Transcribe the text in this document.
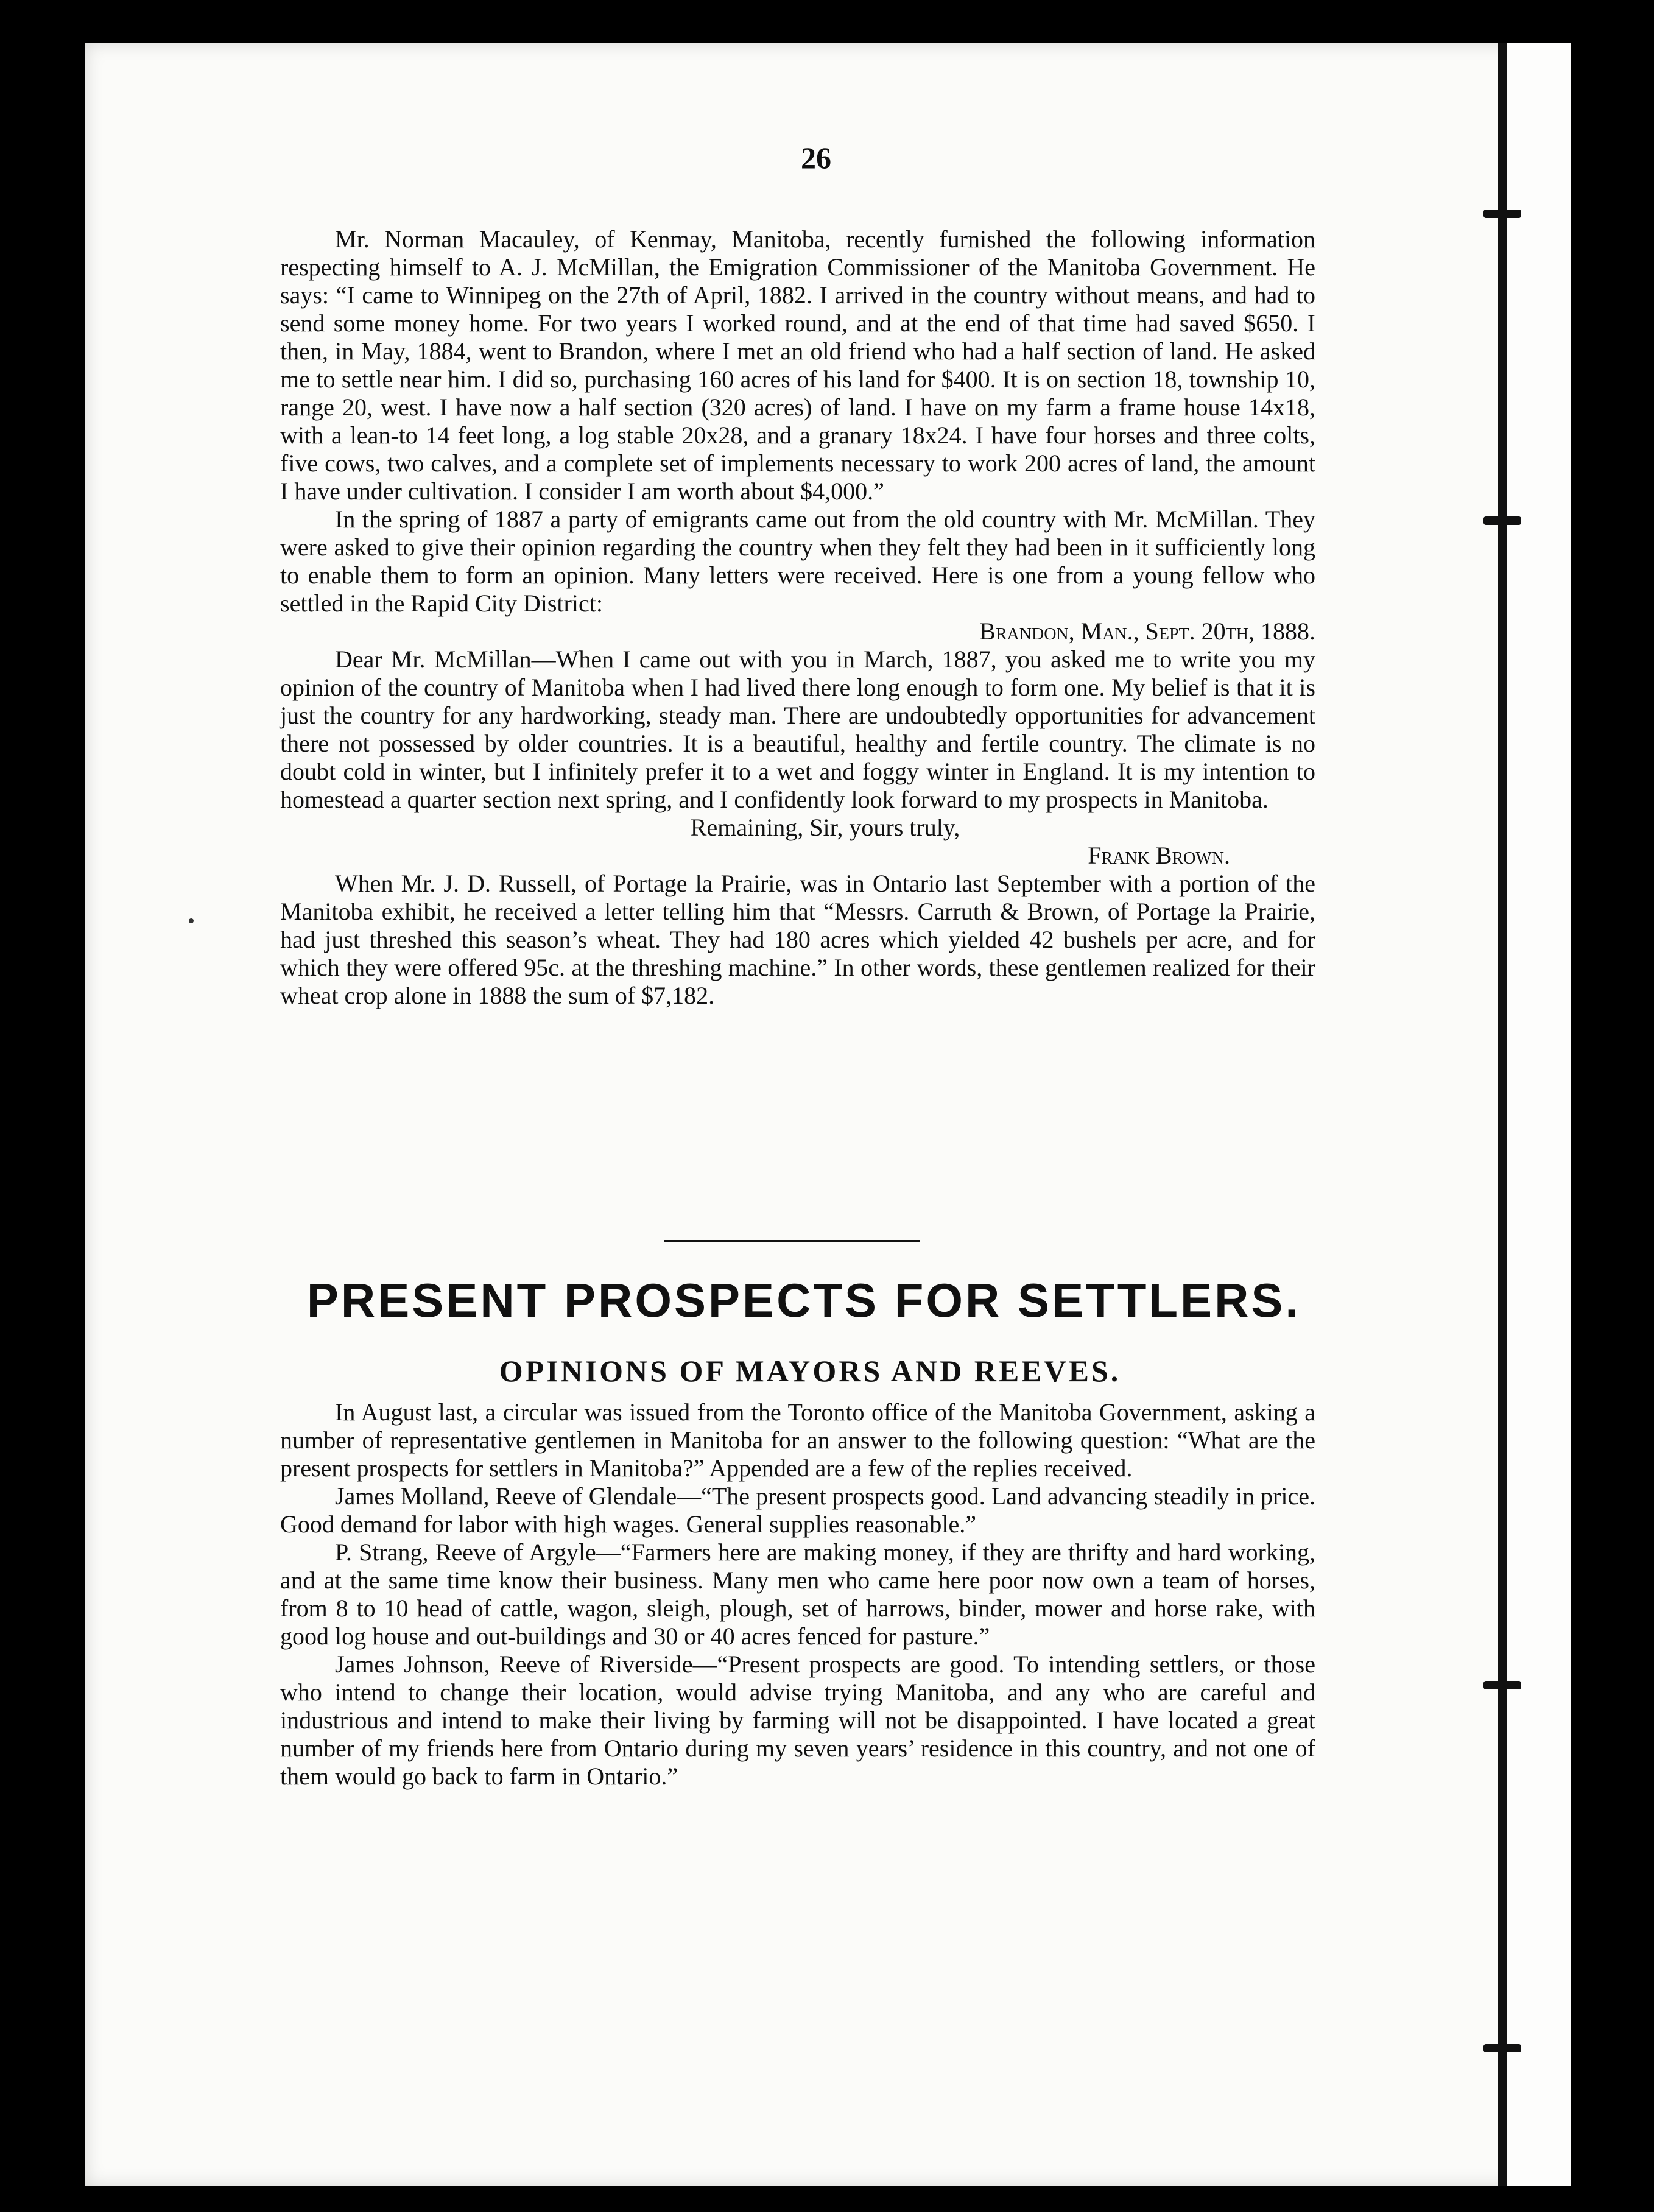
26

Mr. Norman Macauley, of Kenmay, Manitoba, recently furnished the following information respecting himself to A. J. McMillan, the Emigration Commissioner of the Manitoba Government. He says: “I came to Winnipeg on the 27th of April, 1882. I arrived in the country without means, and had to send some money home. For two years I worked round, and at the end of that time had saved $650. I then, in May, 1884, went to Brandon, where I met an old friend who had a half section of land. He asked me to settle near him. I did so, purchasing 160 acres of his land for $400. It is on section 18, township 10, range 20, west. I have now a half section (320 acres) of land. I have on my farm a frame house 14x18, with a lean-to 14 feet long, a log stable 20x28, and a granary 18x24. I have four horses and three colts, five cows, two calves, and a complete set of implements necessary to work 200 acres of land, the amount I have under cultivation. I consider I am worth about $4,000.”

In the spring of 1887 a party of emigrants came out from the old country with Mr. McMillan. They were asked to give their opinion regarding the country when they felt they had been in it sufficiently long to enable them to form an opinion. Many letters were received. Here is one from a young fellow who settled in the Rapid City District:

Brandon, Man., Sept. 20th, 1888.

Dear Mr. McMillan—When I came out with you in March, 1887, you asked me to write you my opinion of the country of Manitoba when I had lived there long enough to form one. My belief is that it is just the country for any hardworking, steady man. There are undoubtedly opportunities for advancement there not possessed by older countries. It is a beautiful, healthy and fertile country. The climate is no doubt cold in winter, but I infinitely prefer it to a wet and foggy winter in England. It is my intention to homestead a quarter section next spring, and I confidently look forward to my prospects in Manitoba.

Remaining, Sir, yours truly,

Frank Brown.

When Mr. J. D. Russell, of Portage la Prairie, was in Ontario last September with a portion of the Manitoba exhibit, he received a letter telling him that “Messrs. Carruth & Brown, of Portage la Prairie, had just threshed this season’s wheat. They had 180 acres which yielded 42 bushels per acre, and for which they were offered 95c. at the threshing machine.” In other words, these gentlemen realized for their wheat crop alone in 1888 the sum of $7,182.

PRESENT PROSPECTS FOR SETTLERS.
OPINIONS OF MAYORS AND REEVES.

In August last, a circular was issued from the Toronto office of the Manitoba Government, asking a number of representative gentlemen in Manitoba for an answer to the following question: “What are the present prospects for settlers in Manitoba?” Appended are a few of the replies received.

James Molland, Reeve of Glendale—“The present prospects good. Land advancing steadily in price. Good demand for labor with high wages. General supplies reasonable.”

P. Strang, Reeve of Argyle—“Farmers here are making money, if they are thrifty and hard working, and at the same time know their business. Many men who came here poor now own a team of horses, from 8 to 10 head of cattle, wagon, sleigh, plough, set of harrows, binder, mower and horse rake, with good log house and out-buildings and 30 or 40 acres fenced for pasture.”

James Johnson, Reeve of Riverside—“Present prospects are good. To intending settlers, or those who intend to change their location, would advise trying Manitoba, and any who are careful and industrious and intend to make their living by farming will not be disappointed. I have located a great number of my friends here from Ontario during my seven years’ residence in this country, and not one of them would go back to farm in Ontario.”
